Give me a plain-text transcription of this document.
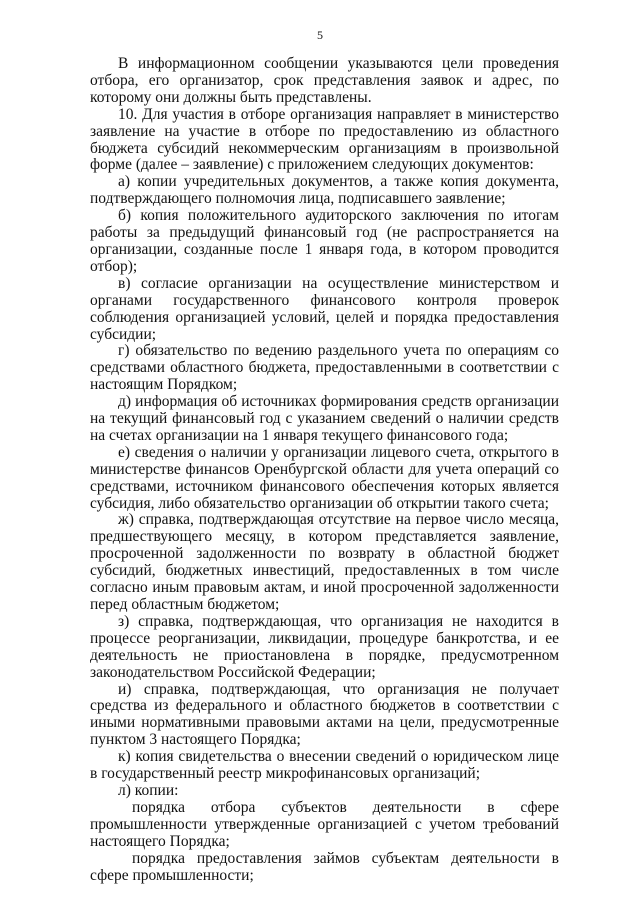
5

В информационном сообщении указываются цели проведения отбора, его организатор, срок представления заявок и адрес, по которому они должны быть представлены.

10. Для участия в отборе организация направляет в министерство заявление на участие в отборе по предоставлению из областного бюджета субсидий некоммерческим организациям в произвольной форме (далее – заявление) с приложением следующих документов:

а) копии учредительных документов, а также копия документа, подтверждающего полномочия лица, подписавшего заявление;

б) копия положительного аудиторского заключения по итогам работы за предыдущий финансовый год (не распространяется на организации, созданные после 1 января года, в котором проводится отбор);

в) согласие организации на осуществление министерством и органами государственного финансового контроля проверок соблюдения организацией условий, целей и порядка предоставления субсидии;

г) обязательство по ведению раздельного учета по операциям со средствами областного бюджета, предоставленными в соответствии с настоящим Порядком;

д) информация об источниках формирования средств организации на текущий финансовый год с указанием сведений о наличии средств на счетах организации на 1 января текущего финансового года;

е) сведения о наличии у организации лицевого счета, открытого в министерстве финансов Оренбургской области для учета операций со средствами, источником финансового обеспечения которых является субсидия, либо обязательство организации об открытии такого счета;

ж) справка, подтверждающая отсутствие на первое число месяца, предшествующего месяцу, в котором представляется заявление, просроченной задолженности по возврату в областной бюджет субсидий, бюджетных инвестиций, предоставленных в том числе согласно иным правовым актам, и иной просроченной задолженности перед областным бюджетом;

з) справка, подтверждающая, что организация не находится в процессе реорганизации, ликвидации, процедуре банкротства, и ее деятельность не приостановлена в порядке, предусмотренном законодательством Российской Федерации;

и) справка, подтверждающая, что организация не получает средства из федерального и областного бюджетов в соответствии с иными нормативными правовыми актами на цели, предусмотренные пунктом 3 настоящего Порядка;

к) копия свидетельства о внесении сведений о юридическом лице в государственный реестр микрофинансовых организаций;

л) копии:

порядка отбора субъектов деятельности в сфере промышленности утвержденные организацией с учетом требований настоящего Порядка;

порядка предоставления займов субъектам деятельности в сфере промышленности;
